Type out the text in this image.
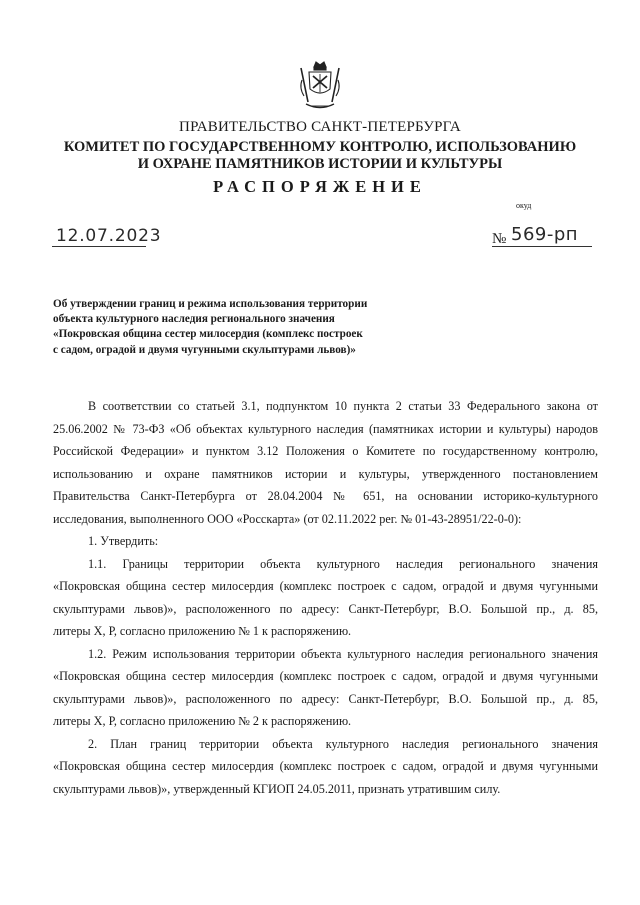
ПРАВИТЕЛЬСТВО САНКТ-ПЕТЕРБУРГА
КОМИТЕТ ПО ГОСУДАРСТВЕННОМУ КОНТРОЛЮ, ИСПОЛЬЗОВАНИЮ
И ОХРАНЕ ПАМЯТНИКОВ ИСТОРИИ И КУЛЬТУРЫ
РАСПОРЯЖЕНИЕ
окуд
12.07.2023	№ 569-рп
Об утверждении границ и режима использования территории
объекта культурного наследия регионального значения
«Покровская община сестер милосердия (комплекс построек
с садом, оградой и двумя чугунными скульптурами львов)»
В соответствии со статьей 3.1, подпунктом 10 пункта 2 статьи 33 Федерального закона от
25.06.2002 № 73-ФЗ «Об объектах культурного наследия (памятниках истории и культуры) народов
Российской Федерации» и пунктом 3.12 Положения о Комитете по государственному контролю,
использованию и охране памятников истории и культуры, утвержденного постановлением
Правительства Санкт-Петербурга от 28.04.2004 № 651, на основании историко-культурного
исследования, выполненного ООО «Росскарта» (от 02.11.2022 рег. № 01-43-28951/22-0-0):
1. Утвердить:
1.1. Границы территории объекта культурного наследия регионального значения
«Покровская община сестер милосердия (комплекс построек с садом, оградой и двумя чугунными
скульптурами львов)», расположенного по адресу: Санкт-Петербург, В.О. Большой пр., д. 85,
литеры Х, Р, согласно приложению № 1 к распоряжению.
1.2. Режим использования территории объекта культурного наследия регионального значения
«Покровская община сестер милосердия (комплекс построек с садом, оградой и двумя чугунными
скульптурами львов)», расположенного по адресу: Санкт-Петербург, В.О. Большой пр., д. 85,
литеры Х, Р, согласно приложению № 2 к распоряжению.
2. План границ территории объекта культурного наследия регионального значения
«Покровская община сестер милосердия (комплекс построек с садом, оградой и двумя чугунными
скульптурами львов)», утвержденный КГИОП 24.05.2011, признать утратившим силу.
